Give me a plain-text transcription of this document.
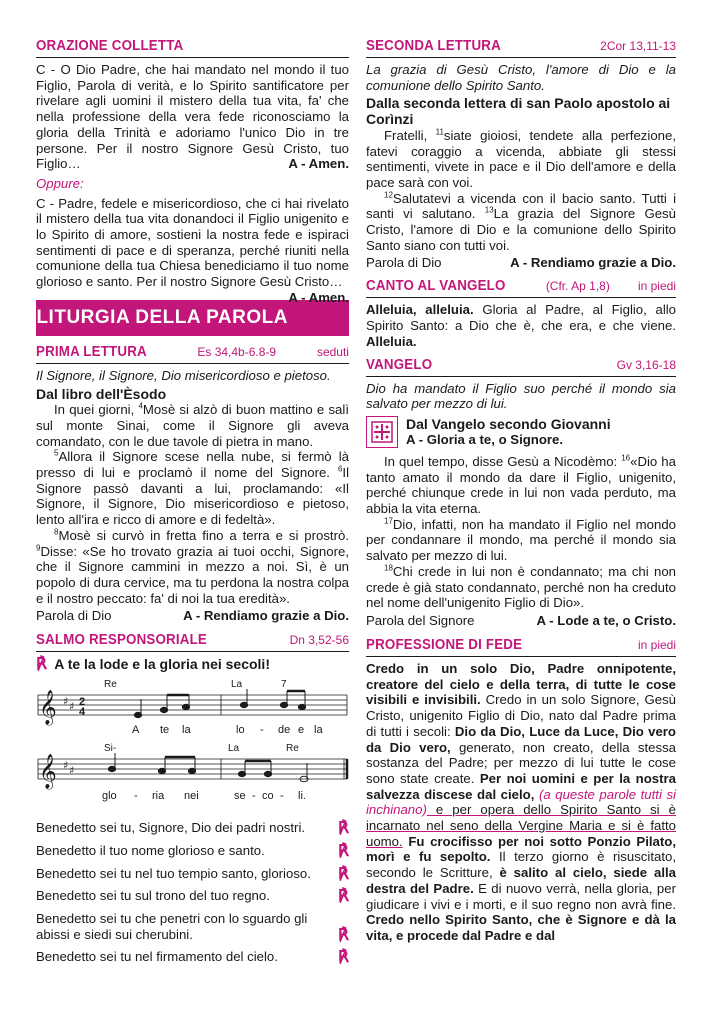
ORAZIONE COLLETTA

C - O Dio Padre, che hai mandato nel mondo il tuo Figlio, Parola di verità, e lo Spirito santificatore per rivelare agli uomini il mistero della tua vita, fa' che nella professione della vera fede riconosciamo la gloria della Trinità e adoriamo l'unico Dio in tre persone. Per il nostro Signore Gesù Cristo, tuo Figlio…	A - Amen.

Oppure:

C - Padre, fedele e misericordioso, che ci hai rivelato il mistero della tua vita donandoci il Figlio unigenito e lo Spirito di amore, sostieni la nostra fede e ispiraci sentimenti di pace e di speranza, perché riuniti nella comunione della tua Chiesa benediciamo il tuo nome glorioso e santo. Per il nostro Signore Gesù Cristo…
A - Amen.

LITURGIA DELLA PAROLA
PRIMA LETTURA	Es 34,4b-6.8-9	seduti

Il Signore, il Signore, Dio misericordioso e pietoso.

Dal libro dell'Èsodo

In quei giorni, $^4$Mosè si alzò di buon mattino e salì sul monte Sinai, come il Signore gli aveva comandato, con le due tavole di pietra in mano.

$^5$Allora il Signore scese nella nube, si fermò là presso di lui e proclamò il nome del Signore. $^6$Il Signore passò davanti a lui, proclamando: «Il Signore, il Signore, Dio misericordioso e pietoso, lento all'ira e ricco di amore e di fedeltà».

$^8$Mosè si curvò in fretta fino a terra e si prostrò. $^9$Disse: «Se ho trovato grazia ai tuoi occhi, Signore, che il Signore cammini in mezzo a noi. Sì, è un popolo di dura cervice, ma tu perdona la nostra colpa e il nostro peccato: fa' di noi la tua eredità».

Parola di Dio	A - Rendiamo grazie a Dio.
SALMO RESPONSORIALE	Dn 3,52-56

℟ A te la lode e la gloria nei secoli!

Re	La	7
𝄞 ♯ ♯ 2
4
A te la	lo - de e la
Si-	La	Re
𝄞 ♯ ♯
glo - ria nei	se - co - li.
Benedetto sei tu, Signore, Dio dei padri nostri. ℟
Benedetto il tuo nome glorioso e santo.	℟
Benedetto sei tu nel tuo tempio santo, glorioso. ℟
Benedetto sei tu sul trono del tuo regno.	℟
Benedetto sei tu che penetri con lo sguardo gli abissi e siedi sui cherubini.	℟
Benedetto sei tu nel firmamento del cielo.	℟
SECONDA LETTURA	2Cor 13,11-13

La grazia di Gesù Cristo, l'amore di Dio e la comunione dello Spirito Santo.

Dalla seconda lettera di san Paolo apostolo ai Corìnzi

Fratelli, $^{11}$siate gioiosi, tendete alla perfezione, fatevi coraggio a vicenda, abbiate gli stessi sentimenti, vivete in pace e il Dio dell'amore e della pace sarà con voi.

$^{12}$Salutatevi a vicenda con il bacio santo. Tutti i santi vi salutano. $^{13}$La grazia del Signore Gesù Cristo, l'amore di Dio e la comunione dello Spirito Santo siano con tutti voi.

Parola di Dio	A - Rendiamo grazie a Dio.
CANTO AL VANGELO	(Cfr. Ap 1,8) in piedi

Alleluia, alleluia. Gloria al Padre, al Figlio, allo Spirito Santo: a Dio che è, che era, e che viene. Alleluia.

VANGELO	Gv 3,16-18

Dio ha mandato il Figlio suo perché il mondo sia salvato per mezzo di lui.

Dal Vangelo secondo Giovanni
A - Gloria a te, o Signore.

In quel tempo, disse Gesù a Nicodèmo: $^{16}$«Dio ha tanto amato il mondo da dare il Figlio, unigenito, perché chiunque crede in lui non vada perduto, ma abbia la vita eterna.

$^{17}$Dio, infatti, non ha mandato il Figlio nel mondo per condannare il mondo, ma perché il mondo sia salvato per mezzo di lui.

$^{18}$Chi crede in lui non è condannato; ma chi non crede è già stato condannato, perché non ha creduto nel nome dell'unigenito Figlio di Dio».

Parola del Signore	A - Lode a te, o Cristo.
PROFESSIONE DI FEDE	in piedi

Credo in un solo Dio, Padre onnipotente, creatore del cielo e della terra, di tutte le cose visibili e invisibili. Credo in un solo Signore, Gesù Cristo, unigenito Figlio di Dio, nato dal Padre prima di tutti i secoli: Dio da Dio, Luce da Luce, Dio vero da Dio vero, generato, non creato, della stessa sostanza del Padre; per mezzo di lui tutte le cose sono state create. Per noi uomini e per la nostra salvezza discese dal cielo, (a queste parole tutti si inchinano) e per opera dello Spirito Santo si è incarnato nel seno della Vergine Maria e si è fatto uomo. Fu crocifisso per noi sotto Ponzio Pilato, morì e fu sepolto. Il terzo giorno è risuscitato, secondo le Scritture, è salito al cielo, siede alla destra del Padre. E di nuovo verrà, nella gloria, per giudicare i vivi e i morti, e il suo regno non avrà fine. Credo nello Spirito Santo, che è Signore e dà la vita, e procede dal Padre e dal
